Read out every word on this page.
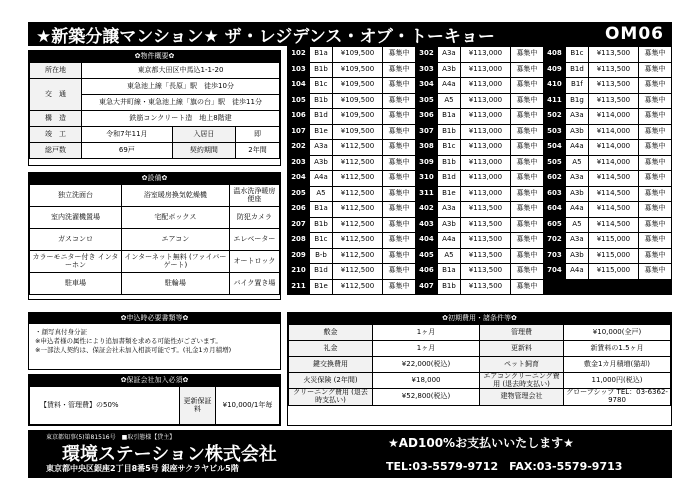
★新築分譲マンション★ ザ・レジデンス・オブ・トーキョー	OM06
✿物件概要✿
所在地	東京都大田区中馬込1-1-20		
交　通	東急池上線「長原」駅　徒歩10分		
	東急大井町線・東急池上線「旗の台」駅　徒歩11分		
構　造	鉄筋コンクリート造　地上8階建		
竣　工	令和7年11月	入居日	即
総戸数	69戸	契約期間	2年間
✿設備✿
独立洗面台	浴室暖房換気乾燥機	温水洗浄暖房便座
室内洗濯機置場	宅配ボックス	防犯カメラ
ガスコンロ	エアコン	エレベーター
カラーモニター付き インターホン	インターネット無料 (ファイバーゲート)	オートロック
駐車場	駐輪場	バイク置き場
102	B1a	¥109,500	募集中	302	A3a	¥113,000	募集中	408	B1c	¥113,500	募集中
103	B1b	¥109,500	募集中	303	A3b	¥113,000	募集中	409	B1d	¥113,500	募集中
104	B1c	¥109,500	募集中	304	A4a	¥113,000	募集中	410	B1f	¥113,500	募集中
105	B1b	¥109,500	募集中	305	A5	¥113,000	募集中	411	B1g	¥113,500	募集中
106	B1d	¥109,500	募集中	306	B1a	¥113,000	募集中	502	A3a	¥114,000	募集中
107	B1e	¥109,500	募集中	307	B1b	¥113,000	募集中	503	A3b	¥114,000	募集中
202	A3a	¥112,500	募集中	308	B1c	¥113,000	募集中	504	A4a	¥114,000	募集中
203	A3b	¥112,500	募集中	309	B1b	¥113,000	募集中	505	A5	¥114,000	募集中
204	A4a	¥112,500	募集中	310	B1d	¥113,000	募集中	602	A3a	¥114,500	募集中
205	A5	¥112,500	募集中	311	B1e	¥113,000	募集中	603	A3b	¥114,500	募集中
206	B1a	¥112,500	募集中	402	A3a	¥113,500	募集中	604	A4a	¥114,500	募集中
207	B1b	¥112,500	募集中	403	A3b	¥113,500	募集中	605	A5	¥114,500	募集中
208	B1c	¥112,500	募集中	404	A4a	¥113,500	募集中	702	A3a	¥115,000	募集中
209	B-b	¥112,500	募集中	405	A5	¥113,500	募集中	703	A3b	¥115,000	募集中
210	B1d	¥112,500	募集中	406	B1a	¥113,500	募集中	704	A4a	¥115,000	募集中
211	B1e	¥112,500	募集中	407	B1b	¥113,500	募集中				
✿申込時必要書類等✿
・顔写真付身分証
※申込者様の属性により追加書類を求める可能性がございます。
※一部法人契約は、保証会社未加入相談可能です。(礼金1カ月積増)
✿保証会社加入必須✿
【賃料・管理費】の50%	更新保証料	¥10,000/1年毎
✿初期費用・諸条件等✿
敷金	1ヶ月	管理費	¥10,000(全戸)
礼金	1ヶ月	更新料	新賃料の1.5ヶ月
鍵交換費用	¥22,000(税込)	ペット飼育	敷金1カ月積増(猫却)
火災保険 (2年間)	¥18,000	エアコンクリーニング費用 (退去時支払い)	11,000円(税込)
クリーニング費用 (退去時支払い)	¥52,800(税込)	建物管理会社	グローブシップ TEL：03-6362-9780
東京都知事(5)第81516号　■取引態様【貸主】
環境ステーション株式会社
東京都中央区銀座2丁目8番5号 銀座サクラヤビル5階
★AD100%お支払いいたします★
TEL:03-5579-9712　FAX:03-5579-9713
